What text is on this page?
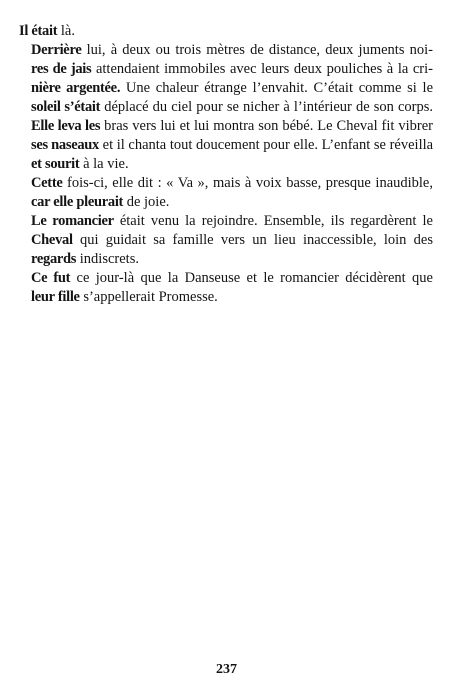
Il était là.

Derrière lui, à deux ou trois mètres de distance, deux juments noi-
res de jais attendaient immobiles avec leurs deux pouliches à la cri-
nière argentée. Une chaleur étrange l’envahit. C’était comme si le
soleil s’était déplacé du ciel pour se nicher à l’intérieur de son corps.
Elle leva les bras vers lui et lui montra son bébé. Le Cheval fit vibrer
ses naseaux et il chanta tout doucement pour elle. L’enfant se réveilla
et sourit à la vie.

Cette fois-ci, elle dit : « Va », mais à voix basse, presque inaudible,
car elle pleurait de joie.

Le romancier était venu la rejoindre. Ensemble, ils regardèrent le
Cheval qui guidait sa famille vers un lieu inaccessible, loin des
regards indiscrets.

Ce fut ce jour-là que la Danseuse et le romancier décidèrent que
leur fille s’appellerait Promesse.

237
